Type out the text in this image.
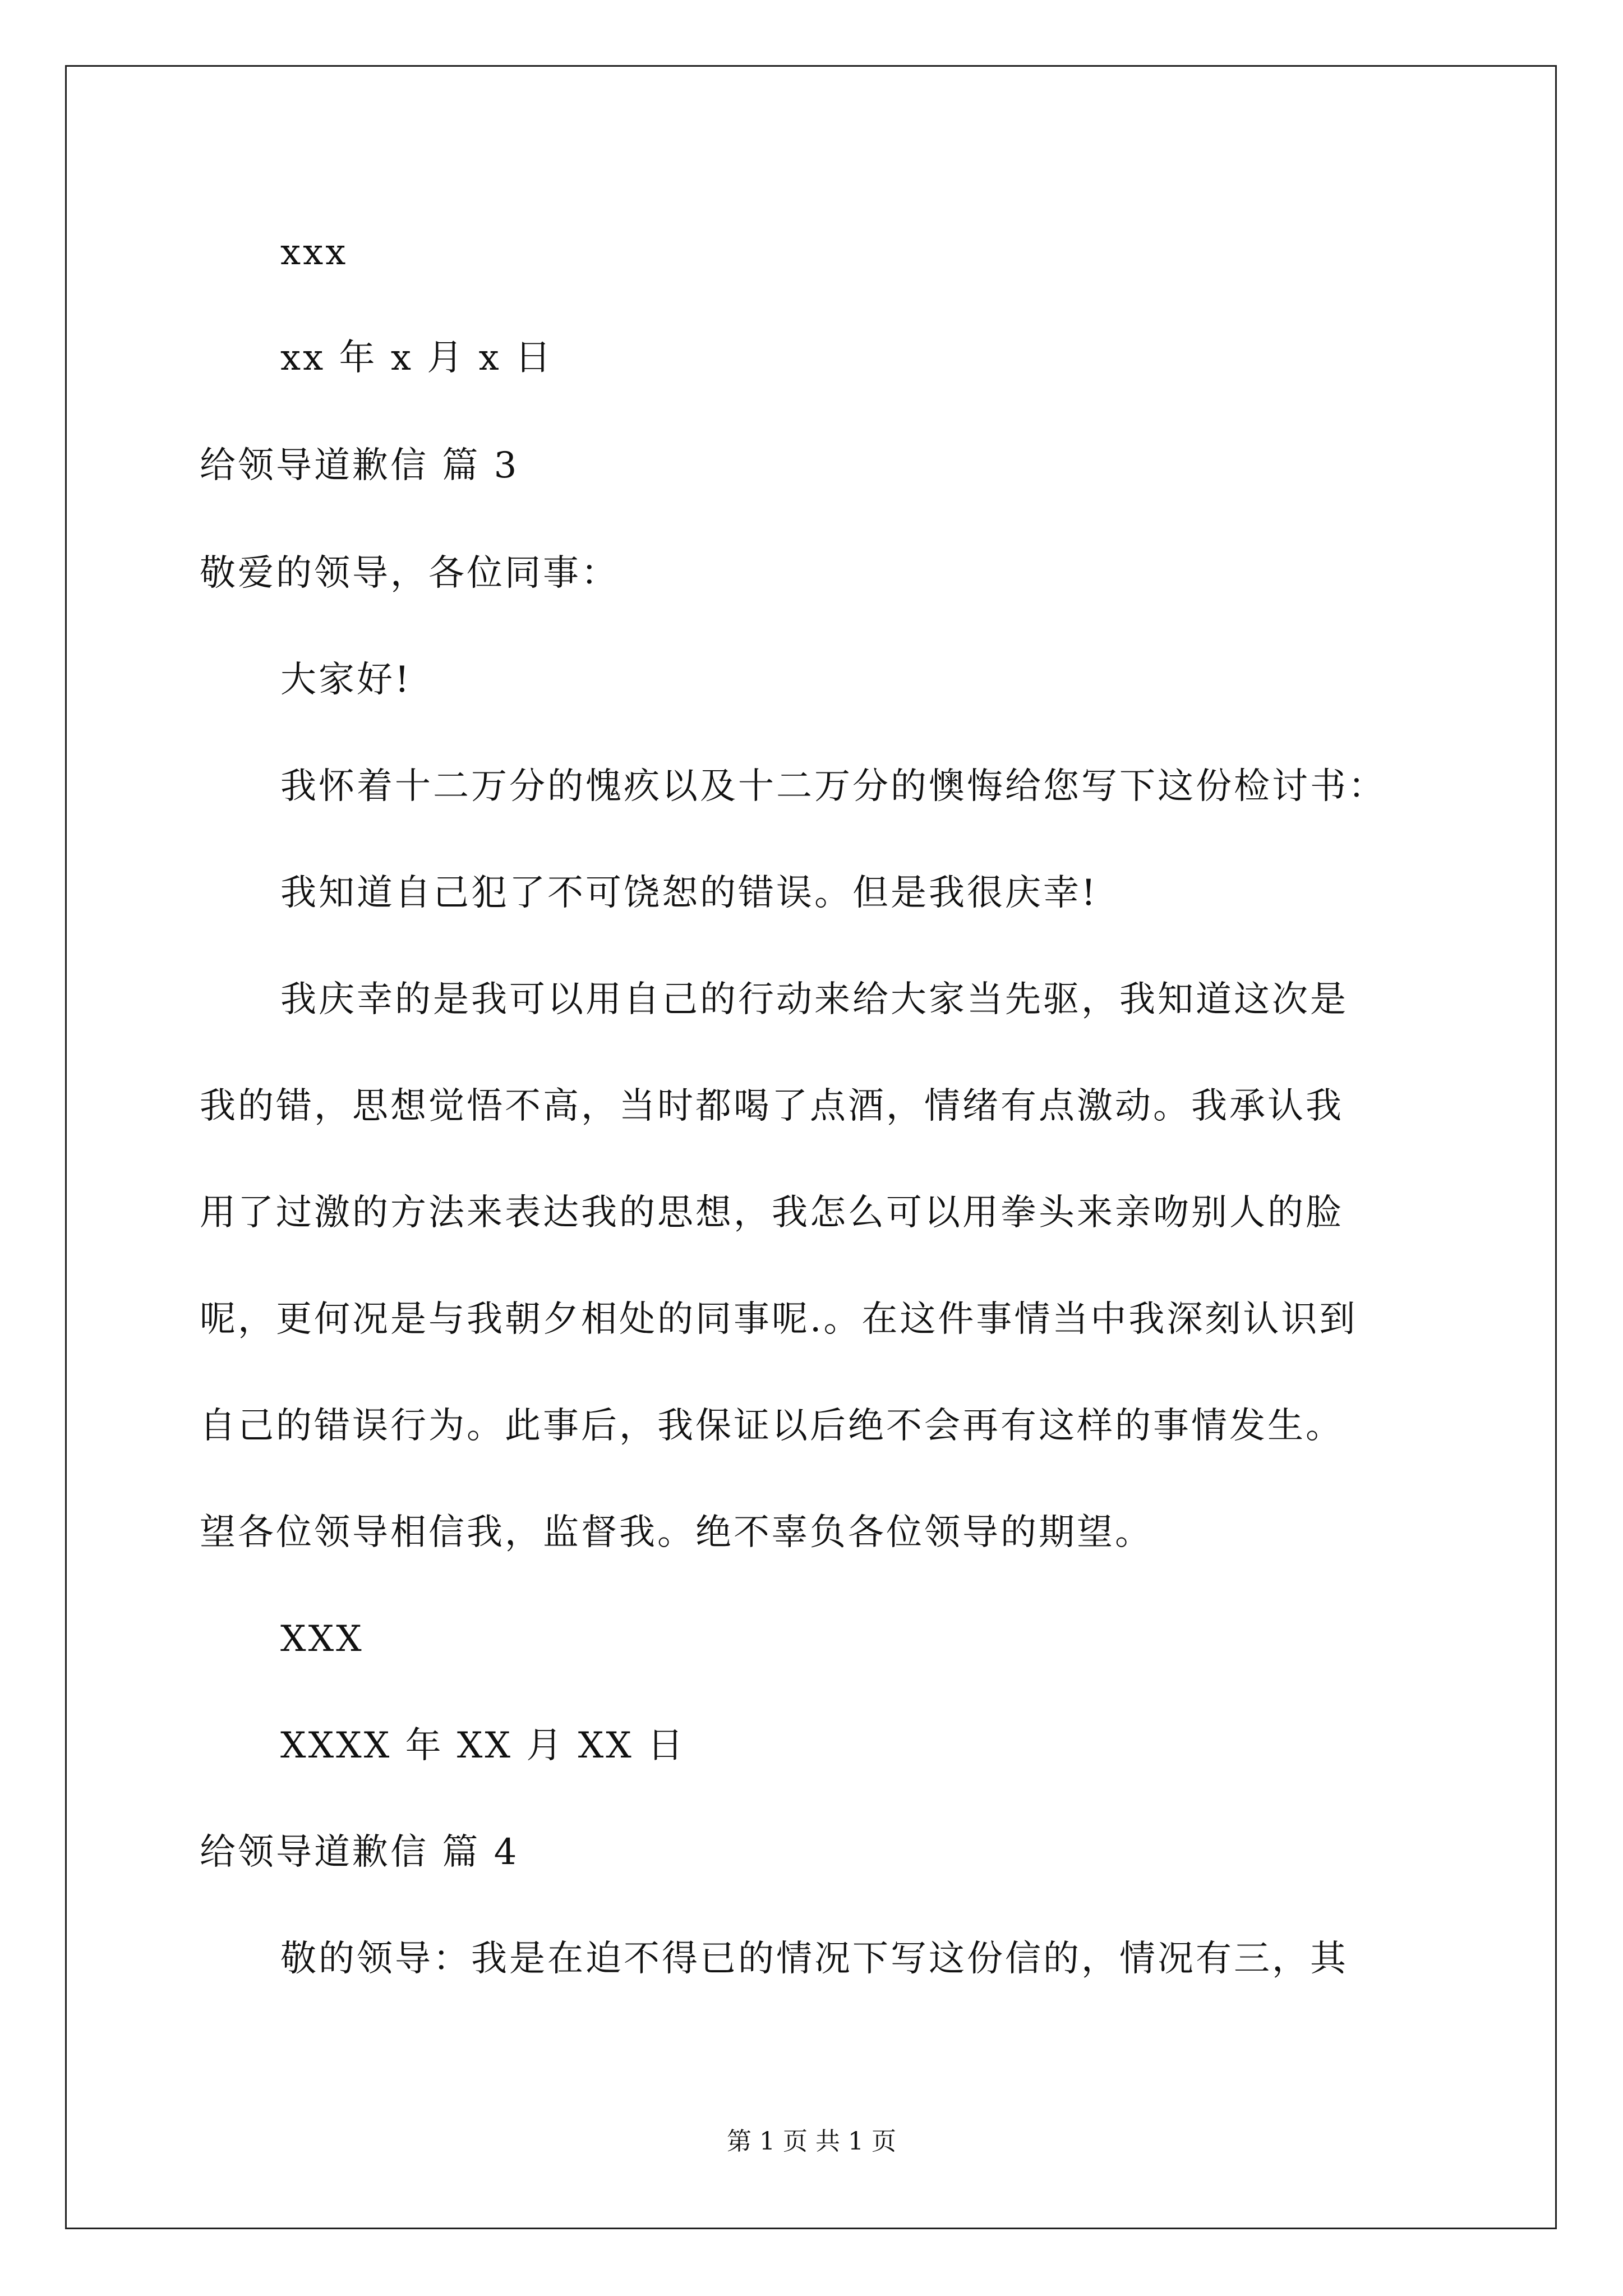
xxx
xx 年 x 月 x 日
给领导道歉信 篇 3
敬爱的领导，各位同事：
大家好!
我怀着十二万分的愧疚以及十二万分的懊悔给您写下这份检讨书：
我知道自己犯了不可饶恕的错误。但是我很庆幸!
我庆幸的是我可以用自己的行动来给大家当先驱，我知道这次是
我的错，思想觉悟不高，当时都喝了点酒，情绪有点激动。我承认我
用了过激的方法来表达我的思想，我怎么可以用拳头来亲吻别人的脸
呢，更何况是与我朝夕相处的同事呢.。在这件事情当中我深刻认识到
自己的错误行为。此事后，我保证以后绝不会再有这样的事情发生。
望各位领导相信我，监督我。绝不辜负各位领导的期望。
XXX
XXXX 年 XX 月 XX 日
给领导道歉信 篇 4
敬的领导：我是在迫不得已的情况下写这份信的，情况有三，其
第 1 页 共 1 页
